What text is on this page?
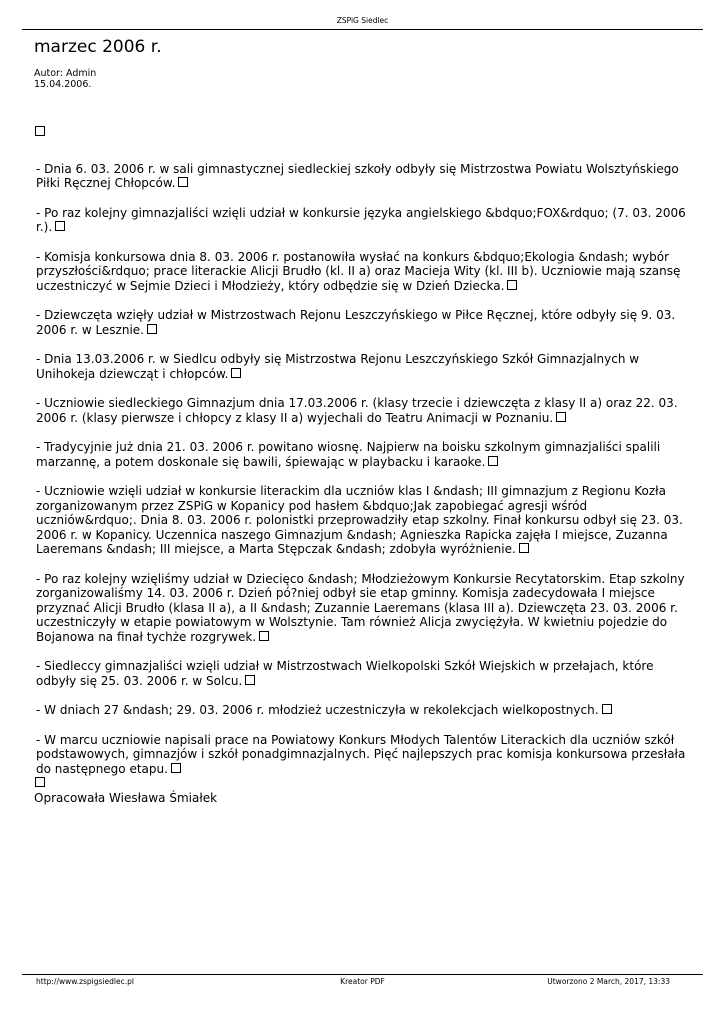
ZSPiG Siedlec
marzec 2006 r.
Autor: Admin
15.04.2006.

- Dnia 6. 03. 2006 r. w sali gimnastycznej siedleckiej szkoły odbyły się Mistrzostwa Powiatu Wolsztyńskiego Piłki Ręcznej Chłopców.

- Po raz kolejny gimnazjaliści wzięli udział w konkursie języka angielskiego &bdquo;FOX&rdquo; (7. 03. 2006 r.).

- Komisja konkursowa dnia 8. 03. 2006 r. postanowiła wysłać na konkurs &bdquo;Ekologia &ndash; wybór przyszłości&rdquo; prace literackie Alicji Brudło (kl. II a) oraz Macieja Wity (kl. III b). Uczniowie mają szansę uczestniczyć w Sejmie Dzieci i Młodzieży, który odbędzie się w Dzień Dziecka.

- Dziewczęta wzięły udział w Mistrzostwach Rejonu Leszczyńskiego w Piłce Ręcznej, które odbyły się 9. 03. 2006 r. w Lesznie.

- Dnia 13.03.2006 r. w Siedlcu odbyły się Mistrzostwa Rejonu Leszczyńskiego Szkół Gimnazjalnych w Unihokeja dziewcząt i chłopców.

- Uczniowie siedleckiego Gimnazjum dnia 17.03.2006 r. (klasy trzecie i dziewczęta z klasy II a) oraz 22. 03. 2006 r. (klasy pierwsze i chłopcy z klasy II a) wyjechali do Teatru Animacji w Poznaniu.

- Tradycyjnie już dnia 21. 03. 2006 r. powitano wiosnę. Najpierw na boisku szkolnym gimnazjaliści spalili marzannę, a potem doskonale się bawili, śpiewając w playbacku i karaoke.

- Uczniowie wzięli udział w konkursie literackim dla uczniów klas I &ndash; III gimnazjum z Regionu Kozła zorganizowanym przez ZSPiG w Kopanicy pod hasłem &bdquo;Jak zapobiegać agresji wśród uczniów&rdquo;. Dnia 8. 03. 2006 r. polonistki przeprowadziły etap szkolny. Finał konkursu odbył się 23. 03. 2006 r. w Kopanicy. Uczennica naszego Gimnazjum &ndash; Agnieszka Rapicka zajęła I miejsce, Zuzanna Laeremans &ndash; III miejsce, a Marta Stępczak &ndash; zdobyła wyróżnienie.

- Po raz kolejny wzięliśmy udział w Dziecięco &ndash; Młodzieżowym Konkursie Recytatorskim. Etap szkolny zorganizowaliśmy 14. 03. 2006 r. Dzień pó?niej odbył sie etap gminny. Komisja zadecydowała I miejsce przyznać Alicji Brudło (klasa II a), a II &ndash; Zuzannie Laeremans (klasa III a). Dziewczęta 23. 03. 2006 r. uczestniczyły w etapie powiatowym w Wolsztynie. Tam również Alicja zwyciężyła. W kwietniu pojedzie do Bojanowa na finał tychże rozgrywek.

- Siedleccy gimnazjaliści wzięli udział w Mistrzostwach Wielkopolski Szkół Wiejskich w przełajach, które odbyły się 25. 03. 2006 r. w Solcu.

- W dniach 27 &ndash; 29. 03. 2006 r. młodzież uczestniczyła w rekolekcjach wielkopostnych.

- W marcu uczniowie napisali prace na Powiatowy Konkurs Młodych Talentów Literackich dla uczniów szkół podstawowych, gimnazjów i szkół ponadgimnazjalnych. Pięć najlepszych prac komisja konkursowa przesłała do następnego etapu.

Opracowała Wiesława Śmiałek

http://www.zspigsiedlec.pl	Kreator PDF	Utworzono 2 March, 2017, 13:33
